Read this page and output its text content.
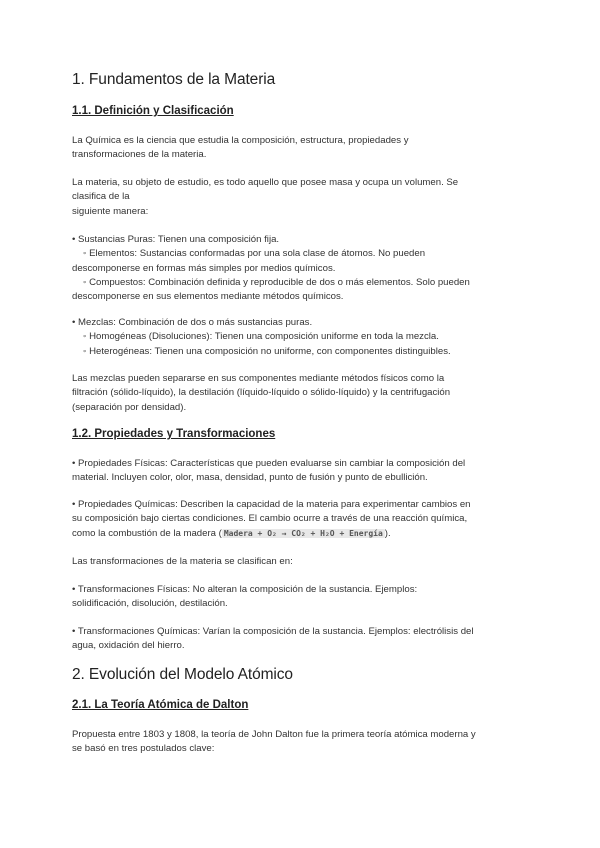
1. Fundamentos de la Materia
1.1. Definición y Clasificación
La Química es la ciencia que estudia la composición, estructura, propiedades y
transformaciones de la materia.
La materia, su objeto de estudio, es todo aquello que posee masa y ocupa un volumen. Se
clasifica de la
siguiente manera:
• Sustancias Puras: Tienen una composición fija.
◦ Elementos: Sustancias conformadas por una sola clase de átomos. No pueden
descomponerse en formas más simples por medios químicos.
◦ Compuestos: Combinación definida y reproducible de dos o más elementos. Solo pueden
descomponerse en sus elementos mediante métodos químicos.
• Mezclas: Combinación de dos o más sustancias puras.
◦ Homogéneas (Disoluciones): Tienen una composición uniforme en toda la mezcla.
◦ Heterogéneas: Tienen una composición no uniforme, con componentes distinguibles.
Las mezclas pueden separarse en sus componentes mediante métodos físicos como la
filtración (sólido-líquido), la destilación (líquido-líquido o sólido-líquido) y la centrifugación
(separación por densidad).
1.2. Propiedades y Transformaciones
• Propiedades Físicas: Características que pueden evaluarse sin cambiar la composición del
material. Incluyen color, olor, masa, densidad, punto de fusión y punto de ebullición.
• Propiedades Químicas: Describen la capacidad de la materia para experimentar cambios en
su composición bajo ciertas condiciones. El cambio ocurre a través de una reacción química,
como la combustión de la madera ( Madera + O₂ → CO₂ + H₂O + Energía ).
Las transformaciones de la materia se clasifican en:
• Transformaciones Físicas: No alteran la composición de la sustancia. Ejemplos:
solidificación, disolución, destilación.
• Transformaciones Químicas: Varían la composición de la sustancia. Ejemplos: electrólisis del
agua, oxidación del hierro.
2. Evolución del Modelo Atómico
2.1. La Teoría Atómica de Dalton
Propuesta entre 1803 y 1808, la teoría de John Dalton fue la primera teoría atómica moderna y
se basó en tres postulados clave:
